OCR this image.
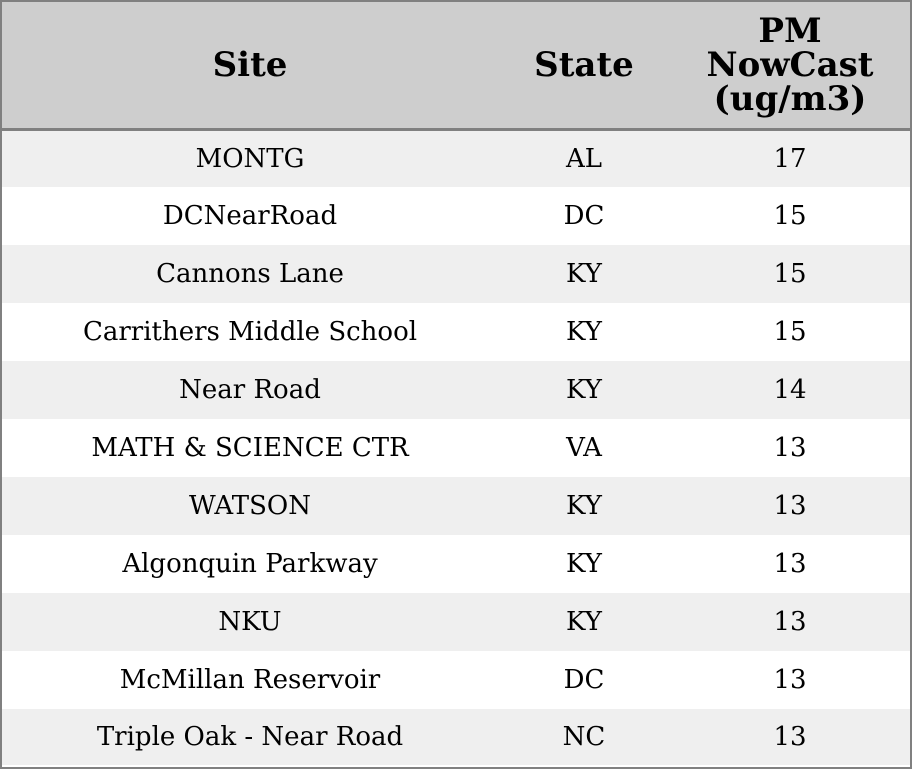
Site	State	PM
NowCast
(ug/m3)

MONTG	AL	17
DCNearRoad	DC	15
Cannons Lane	KY	15
Carrithers Middle School	KY	15
Near Road	KY	14
MATH & SCIENCE CTR	VA	13
WATSON	KY	13
Algonquin Parkway	KY	13
NKU	KY	13
McMillan Reservoir	DC	13
Triple Oak - Near Road	NC	13
